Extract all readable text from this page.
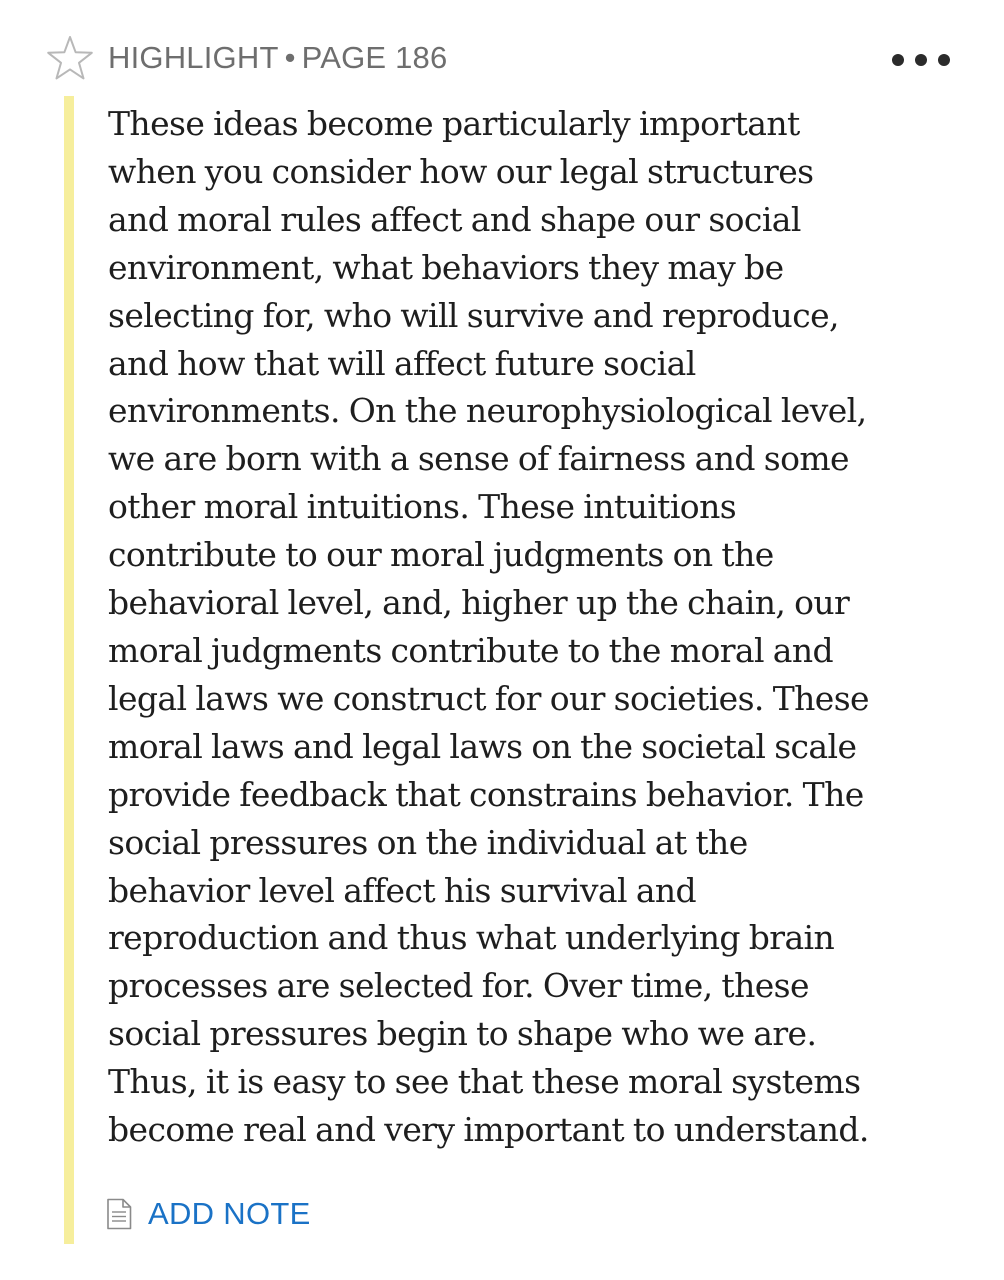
HIGHLIGHT • PAGE 186

These ideas become particularly important
when you consider how our legal structures
and moral rules affect and shape our social
environment, what behaviors they may be
selecting for, who will survive and reproduce,
and how that will affect future social
environments. On the neurophysiological level,
we are born with a sense of fairness and some
other moral intuitions. These intuitions
contribute to our moral judgments on the
behavioral level, and, higher up the chain, our
moral judgments contribute to the moral and
legal laws we construct for our societies. These
moral laws and legal laws on the societal scale
provide feedback that constrains behavior. The
social pressures on the individual at the
behavior level affect his survival and
reproduction and thus what underlying brain
processes are selected for. Over time, these
social pressures begin to shape who we are.
Thus, it is easy to see that these moral systems
become real and very important to understand.

ADD NOTE
